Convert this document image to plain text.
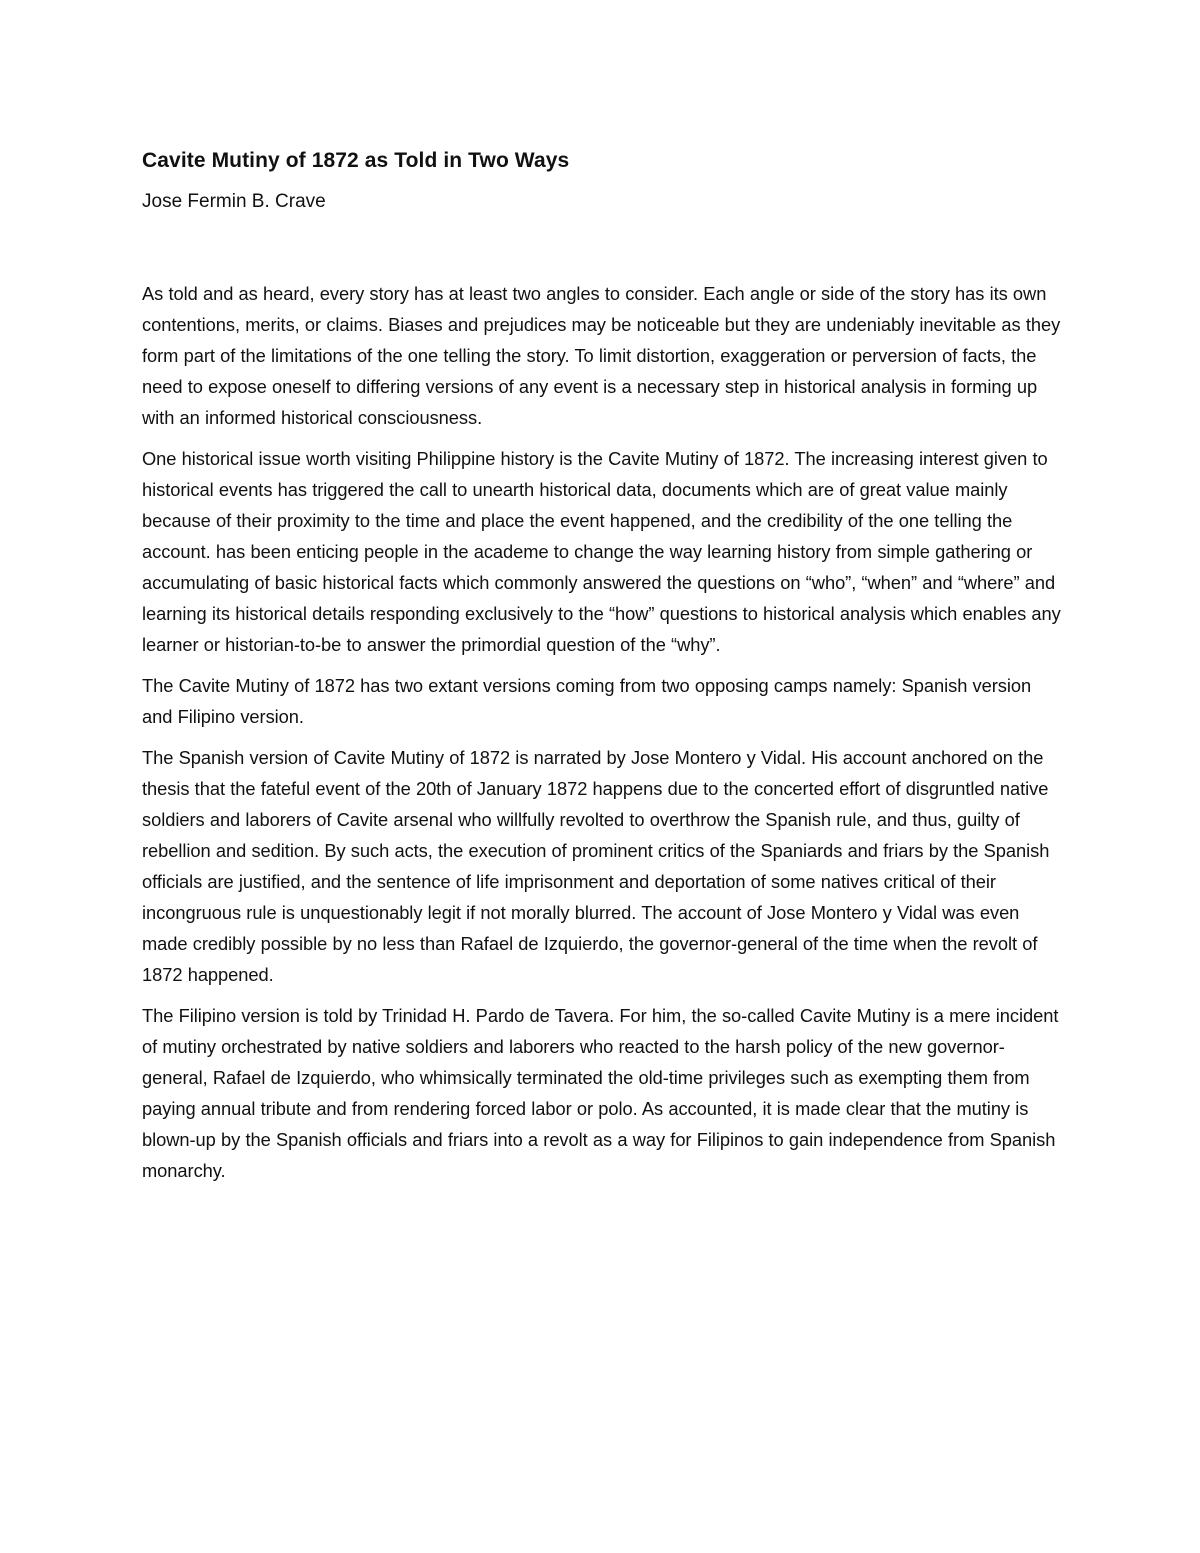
Cavite Mutiny of 1872 as Told in Two Ways
Jose Fermin B. Crave

As told and as heard, every story has at least two angles to consider. Each angle or side of the story has its own contentions, merits, or claims. Biases and prejudices may be noticeable but they are undeniably inevitable as they form part of the limitations of the one telling the story. To limit distortion, exaggeration or perversion of facts, the need to expose oneself to differing versions of any event is a necessary step in historical analysis in forming up with an informed historical consciousness.

One historical issue worth visiting Philippine history is the Cavite Mutiny of 1872. The increasing interest given to historical events has triggered the call to unearth historical data, documents which are of great value mainly because of their proximity to the time and place the event happened, and the credibility of the one telling the account. has been enticing people in the academe to change the way learning history from simple gathering or accumulating of basic historical facts which commonly answered the questions on “who”, “when” and “where” and learning its historical details responding exclusively to the “how” questions to historical analysis which enables any learner or historian-to-be to answer the primordial question of the “why”.

The Cavite Mutiny of 1872 has two extant versions coming from two opposing camps namely: Spanish version and Filipino version.

The Spanish version of Cavite Mutiny of 1872 is narrated by Jose Montero y Vidal. His account anchored on the thesis that the fateful event of the 20th of January 1872 happens due to the concerted effort of disgruntled native soldiers and laborers of Cavite arsenal who willfully revolted to overthrow the Spanish rule, and thus, guilty of rebellion and sedition. By such acts, the execution of prominent critics of the Spaniards and friars by the Spanish officials are justified, and the sentence of life imprisonment and deportation of some natives critical of their incongruous rule is unquestionably legit if not morally blurred. The account of Jose Montero y Vidal was even made credibly possible by no less than Rafael de Izquierdo, the governor-general of the time when the revolt of 1872 happened.

The Filipino version is told by Trinidad H. Pardo de Tavera. For him, the so-called Cavite Mutiny is a mere incident of mutiny orchestrated by native soldiers and laborers who reacted to the harsh policy of the new governor-general, Rafael de Izquierdo, who whimsically terminated the old-time privileges such as exempting them from paying annual tribute and from rendering forced labor or polo. As accounted, it is made clear that the mutiny is blown-up by the Spanish officials and friars into a revolt as a way for Filipinos to gain independence from Spanish monarchy.
